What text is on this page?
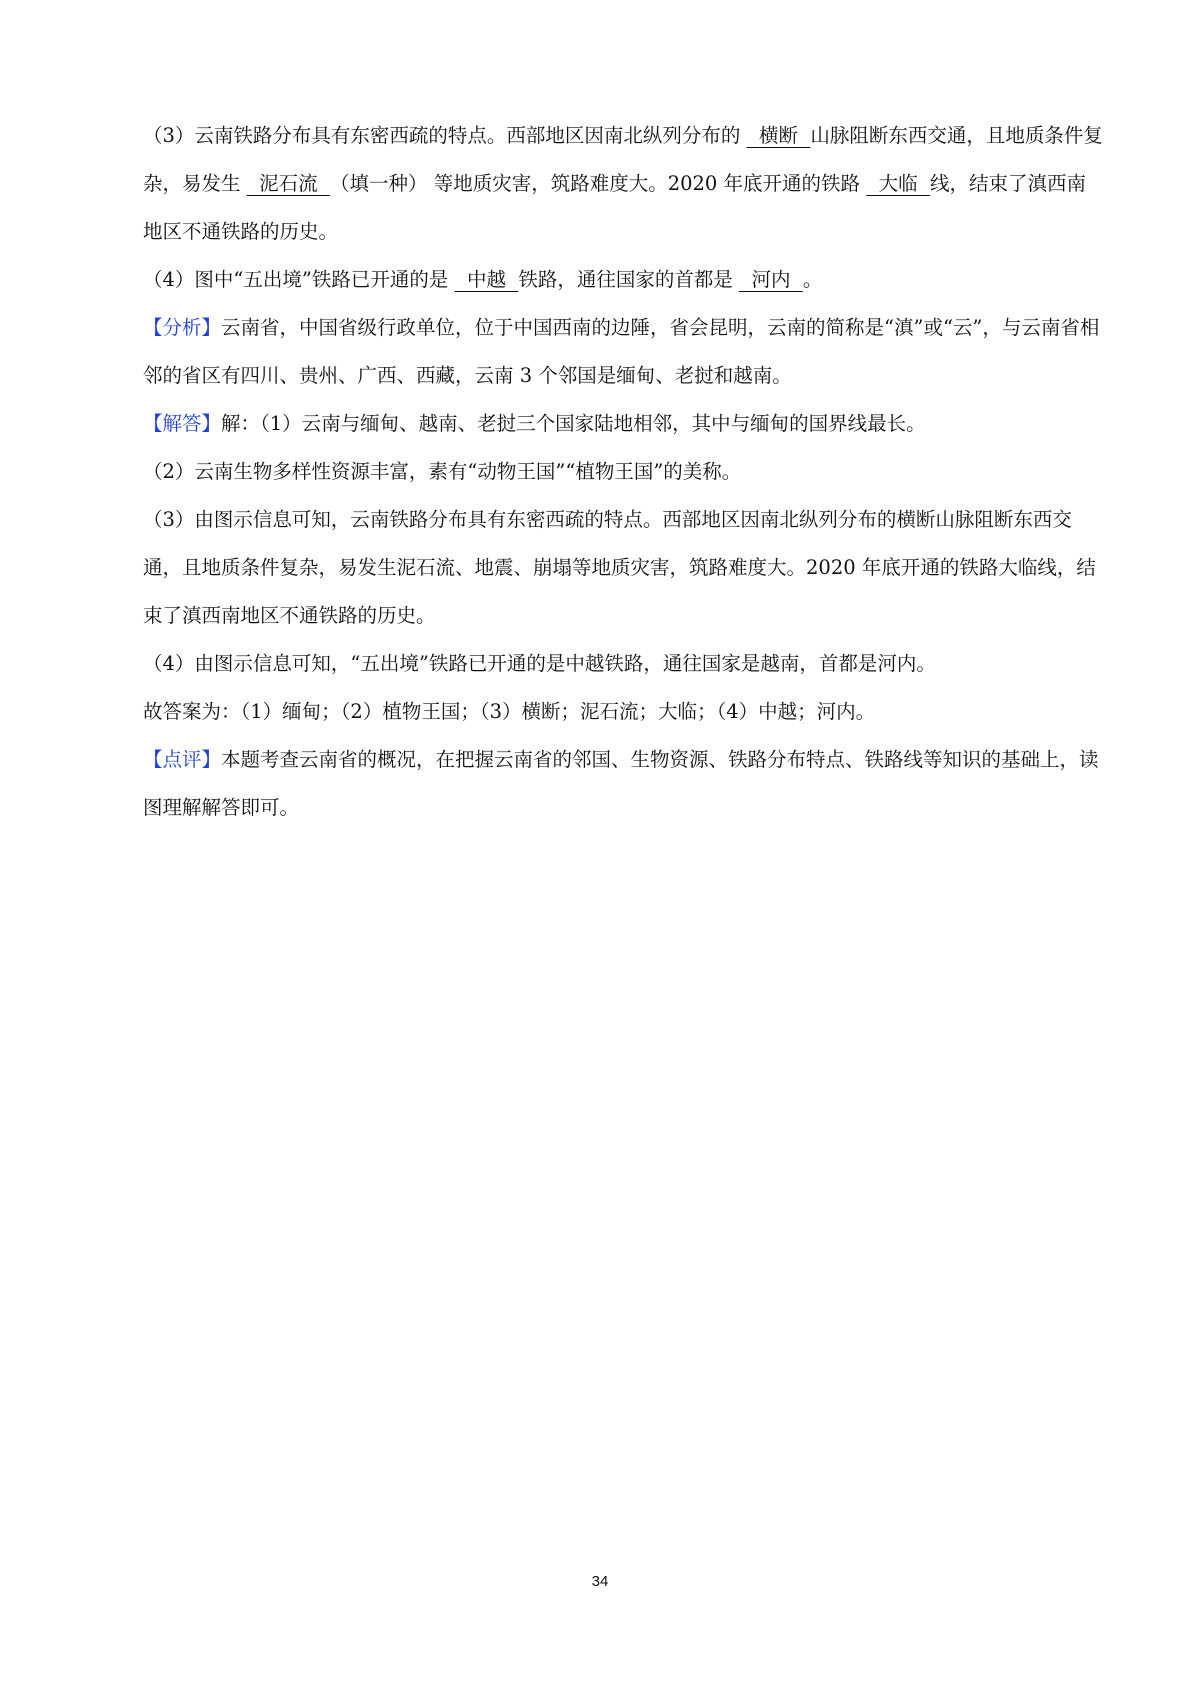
（3）云南铁路分布具有东密西疏的特点。西部地区因南北纵列分布的   横断  山脉阻断东西交通，且地质条件复杂，易发生   泥石流  （填一种） 等地质灾害，筑路难度大。2020 年底开通的铁路   大临  线，结束了滇西南地区不通铁路的历史。

（4）图中“五出境”铁路已开通的是   中越  铁路，通往国家的首都是   河内  。

【分析】云南省，中国省级行政单位，位于中国西南的边陲，省会昆明，云南的简称是“滇”或“云”，与云南省相邻的省区有四川、贵州、广西、西藏，云南 3 个邻国是缅甸、老挝和越南。

【解答】解：（1）云南与缅甸、越南、老挝三个国家陆地相邻，其中与缅甸的国界线最长。

（2）云南生物多样性资源丰富，素有“动物王国”“植物王国”的美称。

（3）由图示信息可知，云南铁路分布具有东密西疏的特点。西部地区因南北纵列分布的横断山脉阻断东西交通，且地质条件复杂，易发生泥石流、地震、崩塌等地质灾害，筑路难度大。2020 年底开通的铁路大临线，结束了滇西南地区不通铁路的历史。

（4）由图示信息可知，“五出境”铁路已开通的是中越铁路，通往国家是越南，首都是河内。

故答案为：（1）缅甸；（2）植物王国；（3）横断；泥石流；大临；（4）中越；河内。

【点评】本题考查云南省的概况，在把握云南省的邻国、生物资源、铁路分布特点、铁路线等知识的基础上，读图理解解答即可。

34
